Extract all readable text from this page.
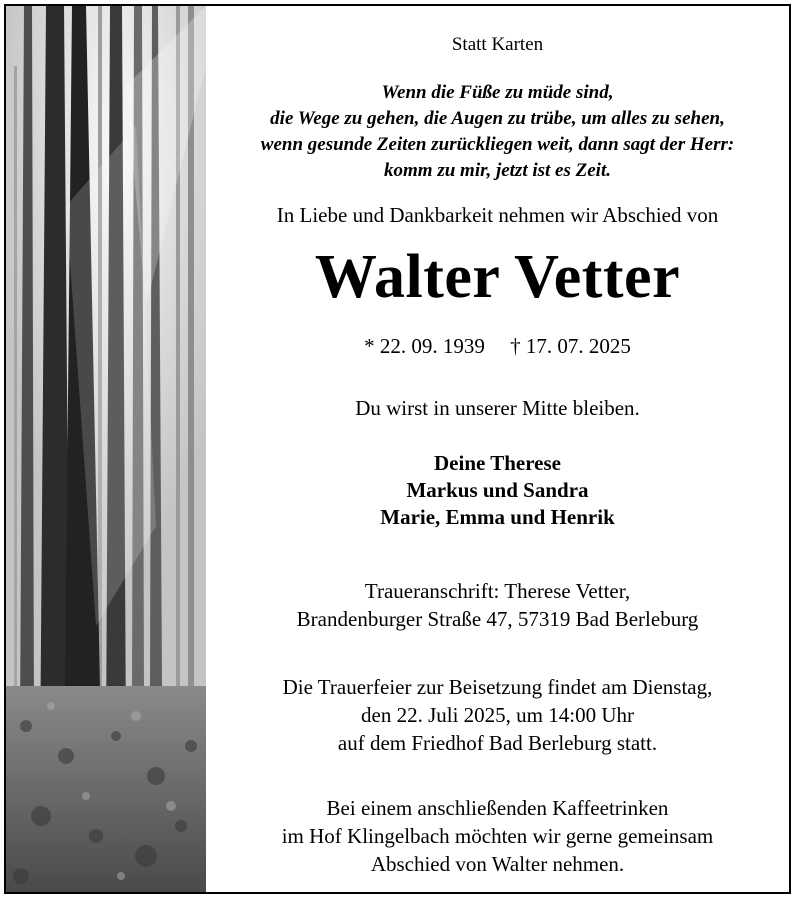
Statt Karten
Wenn die Füße zu müde sind,
die Wege zu gehen, die Augen zu trübe, um alles zu sehen,
wenn gesunde Zeiten zurückliegen weit, dann sagt der Herr:
komm zu mir, jetzt ist es Zeit.
In Liebe und Dankbarkeit nehmen wir Abschied von
Walter Vetter
* 22. 09. 1939 † 17. 07. 2025
Du wirst in unserer Mitte bleiben.
Deine Therese
Markus und Sandra
Marie, Emma und Henrik
Traueranschrift: Therese Vetter,
Brandenburger Straße 47, 57319 Bad Berleburg
Die Trauerfeier zur Beisetzung findet am Dienstag,
den 22. Juli 2025, um 14:00 Uhr
auf dem Friedhof Bad Berleburg statt.
Bei einem anschließenden Kaffeetrinken
im Hof Klingelbach möchten wir gerne gemeinsam
Abschied von Walter nehmen.
